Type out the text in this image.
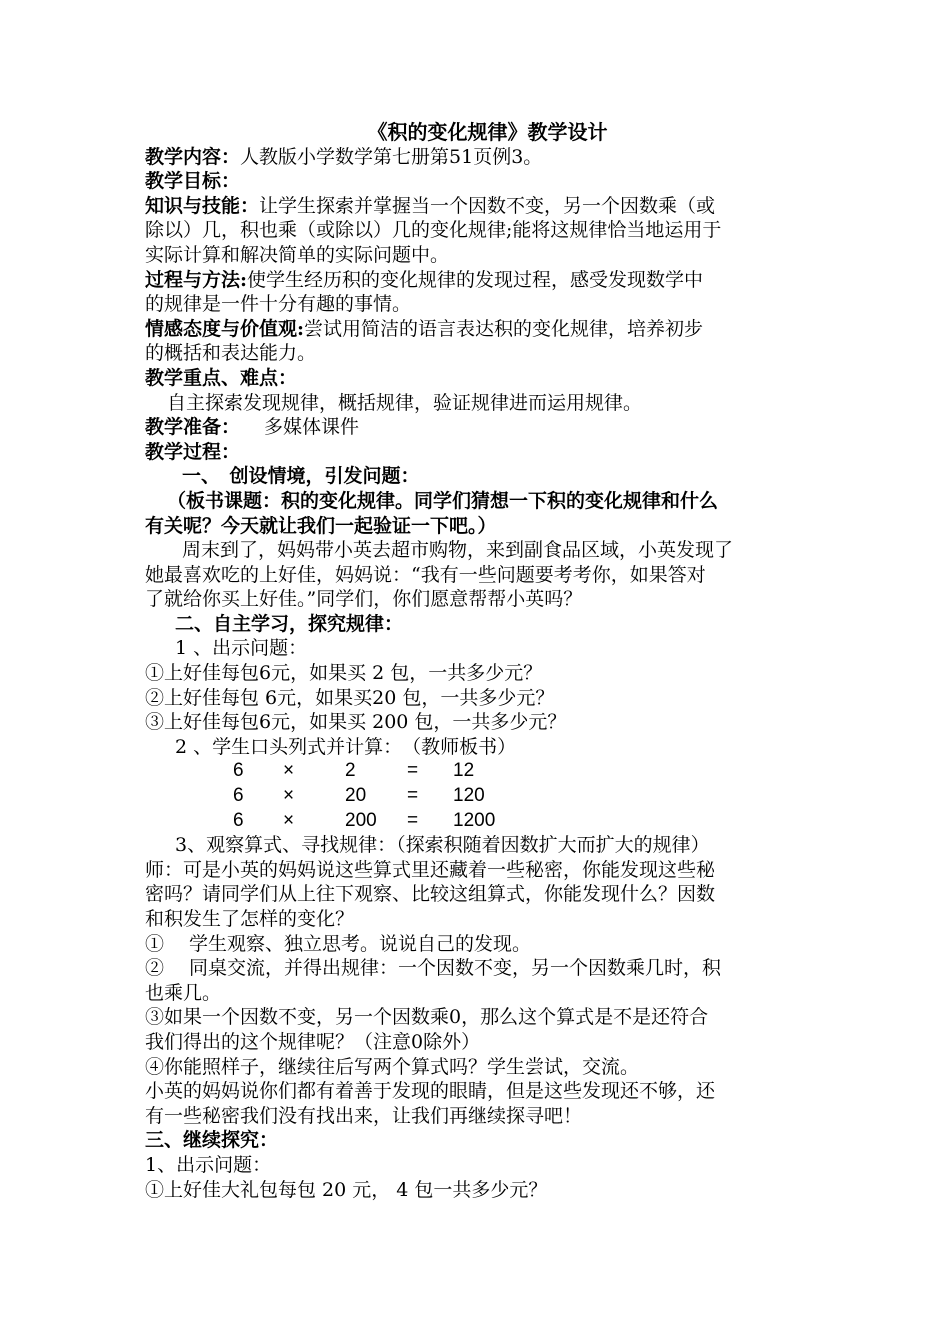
《积的变化规律》教学设计

教学内容：人教版小学数学第七册第51页例3。

教学目标：

知识与技能：让学生探索并掌握当一个因数不变，另一个因数乘（或

除以）几，积也乘（或除以）几的变化规律;能将这规律恰当地运用于

实际计算和解决简单的实际问题中。

过程与方法:使学生经历积的变化规律的发现过程，感受发现数学中

的规律是一件十分有趣的事情。

情感态度与价值观:尝试用简洁的语言表达积的变化规律，培养初步

的概括和表达能力。

教学重点、难点：

自主探索发现规律，概括规律，验证规律进而运用规律。

教学准备： 多媒体课件

教学过程：

一、　创设情境，引发问题：

（板书课题：积的变化规律。同学们猜想一下积的变化规律和什么

有关呢？今天就让我们一起验证一下吧。）

周末到了，妈妈带小英去超市购物，来到副食品区域，小英发现了

她最喜欢吃的上好佳，妈妈说：“我有一些问题要考考你，如果答对

了就给你买上好佳。”同学们，你们愿意帮帮小英吗？

二、自主学习，探究规律：

1 、出示问题：

①上好佳每包6元，如果买 2 包，一共多少元？

②上好佳每包 6元，如果买20 包，一共多少元？

③上好佳每包6元，如果买 200 包，一共多少元？

2 、学生口头列式并计算：　（教师板书）

6	×	2	=	12
6	×	20	=	120
6	×	200	=	1200

3、观察算式、寻找规律：（探索积随着因数扩大而扩大的规律）

师：可是小英的妈妈说这些算式里还藏着一些秘密，你能发现这些秘

密吗？请同学们从上往下观察、比较这组算式，你能发现什么？因数

和积发生了怎样的变化？

①　 学生观察、独立思考。说说自己的发现。

②　 同桌交流，并得出规律：一个因数不变，另一个因数乘几时，积

也乘几。

③如果一个因数不变，另一个因数乘0，那么这个算式是不是还符合

我们得出的这个规律呢？（注意0除外）

④你能照样子，继续往后写两个算式吗？学生尝试，交流。

小英的妈妈说你们都有着善于发现的眼睛，但是这些发现还不够，还

有一些秘密我们没有找出来，让我们再继续探寻吧！

三、继续探究：

1、出示问题：

①上好佳大礼包每包 20 元， 4 包一共多少元？
